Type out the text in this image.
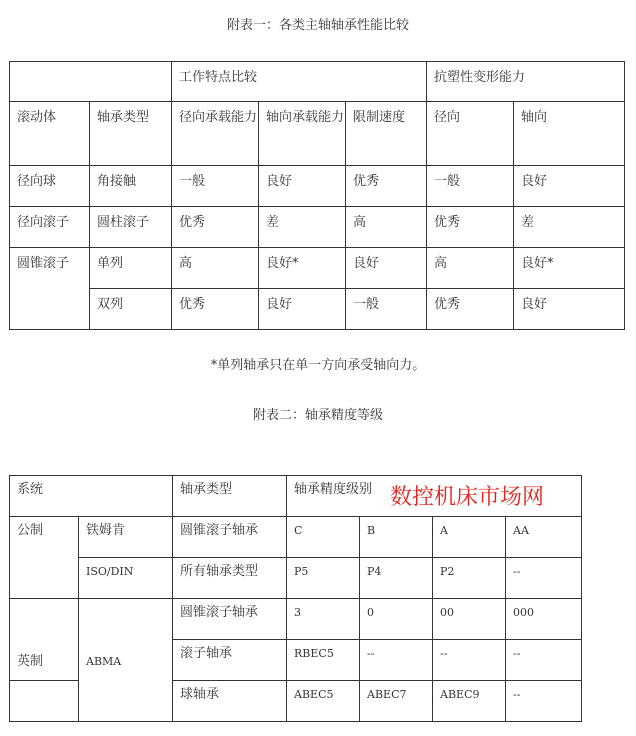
附表一：各类主轴轴承性能比较
		工作特点比较			抗塑性变形能力	
滚动体	轴承类型	径向承载能力	轴向承载能力	限制速度	径向	轴向
径向球	角接触	一般	良好	优秀	一般	良好
径向滚子	圆柱滚子	优秀	差	高	优秀	差
圆锥滚子	单列	高	良好*	良好	高	良好*
	双列	优秀	良好	一般	优秀	良好
*单列轴承只在单一方向承受轴向力。
附表二：轴承精度等级
系统		轴承类型	轴承精度级别			
公制	铁姆肯	圆锥滚子轴承	C	B	A	AA
	ISO/DIN	所有轴承类型	P5	P4	P2	--
英制	ABMA	圆锥滚子轴承	3	0	00	000
		滚子轴承	RBEC5	--	--	--
		球轴承	ABEC5	ABEC7	ABEC9	--
数控机床市场网
